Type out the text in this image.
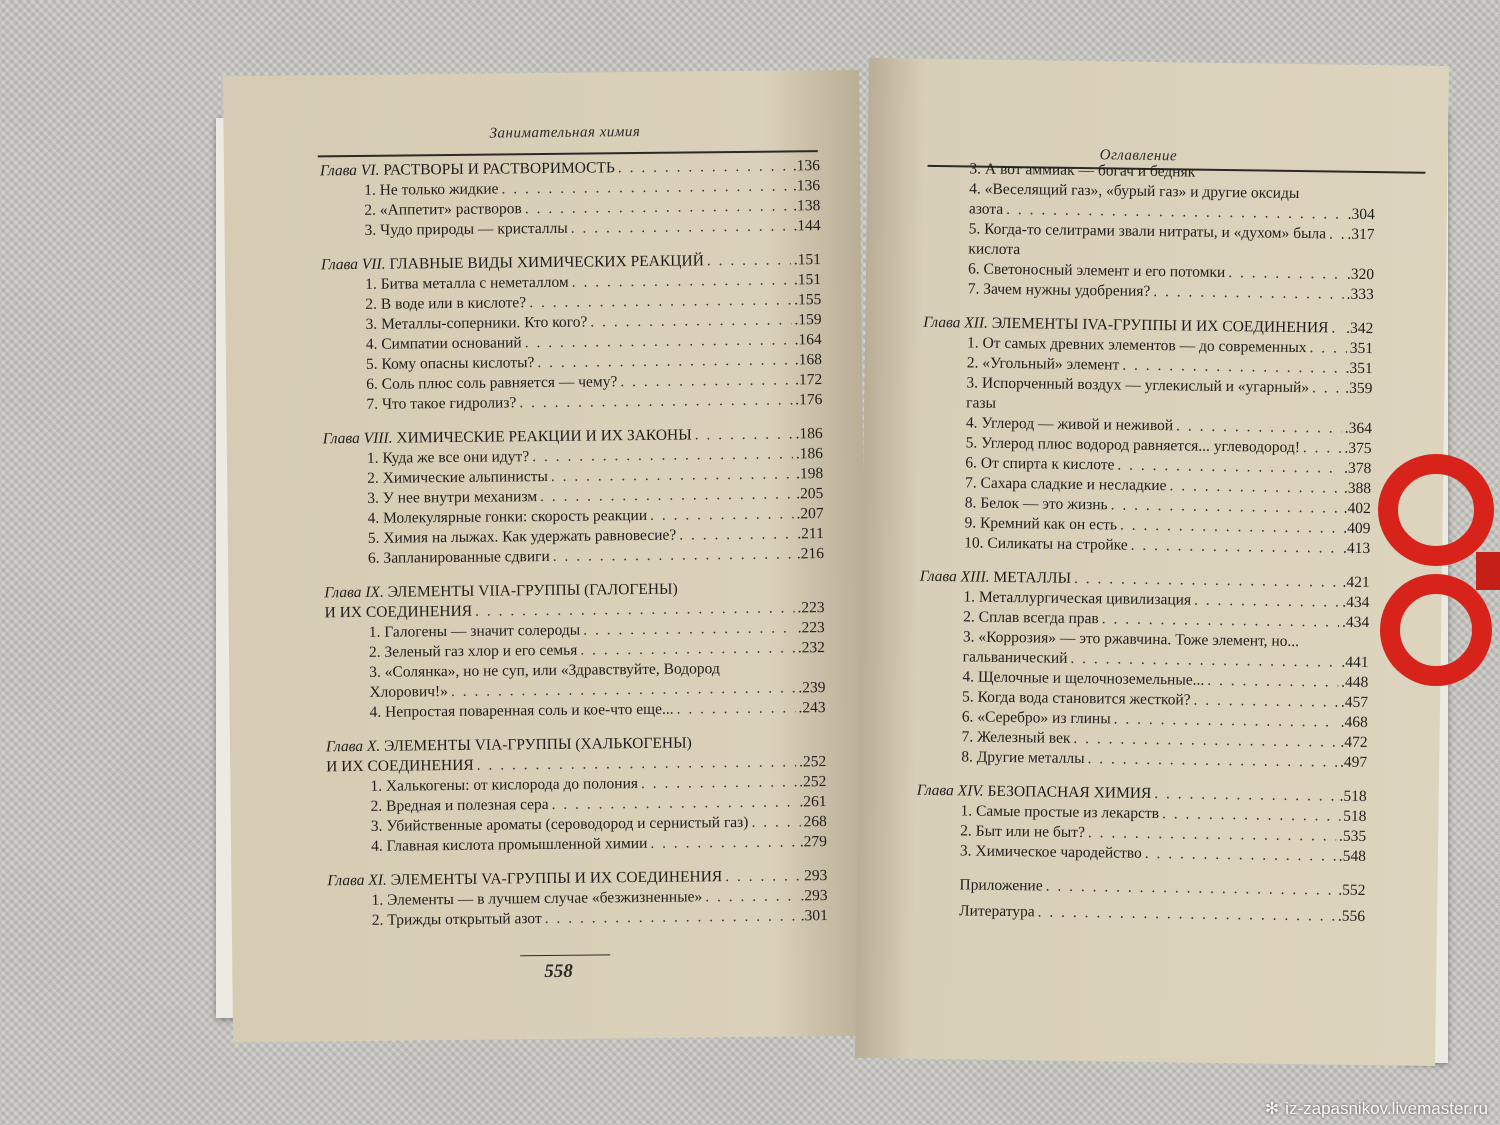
Занимательная химия
Глава VI. РАСТВОРЫ И РАСТВОРИМОСТЬ . . .	.136
1. Не только жидкие . . .	.136
2. «Аппетит» растворов . . .	.138
3. Чудо природы — кристаллы . . .	.144
Глава VII. ГЛАВНЫЕ ВИДЫ ХИМИЧЕСКИХ РЕАКЦИЙ . . .	.151
1. Битва металла с неметаллом . . .	.151
2. В воде или в кислоте? . . .	.155
3. Металлы-соперники. Кто кого? . . .	.159
4. Симпатии оснований . . .	.164
5. Кому опасны кислоты? . . .	.168
6. Соль плюс соль равняется — чему? . . .	.172
7. Что такое гидролиз? . . .	.176
Глава VIII. ХИМИЧЕСКИЕ РЕАКЦИИ И ИХ ЗАКОНЫ . . .	.186
1. Куда же все они идут? . . .	.186
2. Химические альпинисты . . .	.198
3. У нее внутри механизм . . .	.205
4. Молекулярные гонки: скорость реакции . . .	.207
5. Химия на лыжах. Как удержать равновесие? . . .	.211
6. Запланированные сдвиги . . .	.216
Глава IX. ЭЛЕМЕНТЫ VIIA-ГРУППЫ (ГАЛОГЕНЫ)
И ИХ СОЕДИНЕНИЯ . . .	.223
1. Галогены — значит солероды . . .	.223
2. Зеленый газ хлор и его семья . . .	.232
3. «Солянка», но не суп, или «Здравствуйте, Водород
Хлорович!» . . .	.239
4. Непростая поваренная соль и кое-что еще... . . .	.243
Глава X. ЭЛЕМЕНТЫ VIA-ГРУППЫ (ХАЛЬКОГЕНЫ)
И ИХ СОЕДИНЕНИЯ . . .	.252
1. Халькогены: от кислорода до полония . . .	.252
2. Вредная и полезная сера . . .	.261
3. Убийственные ароматы (сероводород и сернистый газ) . . .	268
4. Главная кислота промышленной химии . . .	.279
Глава XI. ЭЛЕМЕНТЫ VA-ГРУППЫ И ИХ СОЕДИНЕНИЯ . . .	293
1. Элементы — в лучшем случае «безжизненные» . . .	.293
2. Трижды открытый азот . . .	.301
558
Оглавление
3. А вот аммиак — богач и бедняк
4. «Веселящий газ», «бурый газ» и другие оксиды
азота . . .	.304
5. Когда-то селитрами звали нитраты, и «духом» была . . . .317
кислота
6. Светоносный элемент и его потомки . . .	.320
7. Зачем нужны удобрения? . . .	.333
Глава XII. ЭЛЕМЕНТЫ IVA-ГРУППЫ И ИХ СОЕДИНЕНИЯ . . . .342
1. От самых древних элементов — до современных . . .	351
2. «Угольный» элемент . . .	.351
3. Испорченный воздух — углекислый и «угарный» . . . .359
газы
4. Углерод — живой и неживой . . .	.364
5. Углерод плюс водород равняется... углеводород! . . .	.375
6. От спирта к кислоте . . .	.378
7. Сахара сладкие и несладкие . . .	.388
8. Белок — это жизнь . . .	.402
9. Кремний как он есть . . .	.409
10. Силикаты на стройке . . .	.413
Глава XIII. МЕТАЛЛЫ . . .	.421
1. Металлургическая цивилизация . . .	.434
2. Сплав всегда прав . . .	.434
3. «Коррозия» — это ржавчина. Тоже элемент, но...
гальванический . . .	.441
4. Щелочные и щелочноземельные... . . .	.448
5. Когда вода становится жесткой? . . .	.457
6. «Серебро» из глины . . .	.468
7. Железный век . . .	.472
8. Другие металлы . . .	.497
Глава XIV. БЕЗОПАСНАЯ ХИМИЯ . . .	.518
1. Самые простые из лекарств . . .	518
2. Быт или не быт? . . .	.535
3. Химическое чародейство . . .	.548
Приложение . . .	.552
Литература . . .	.556
✻ iz-zapasnikov.livemaster.ru
